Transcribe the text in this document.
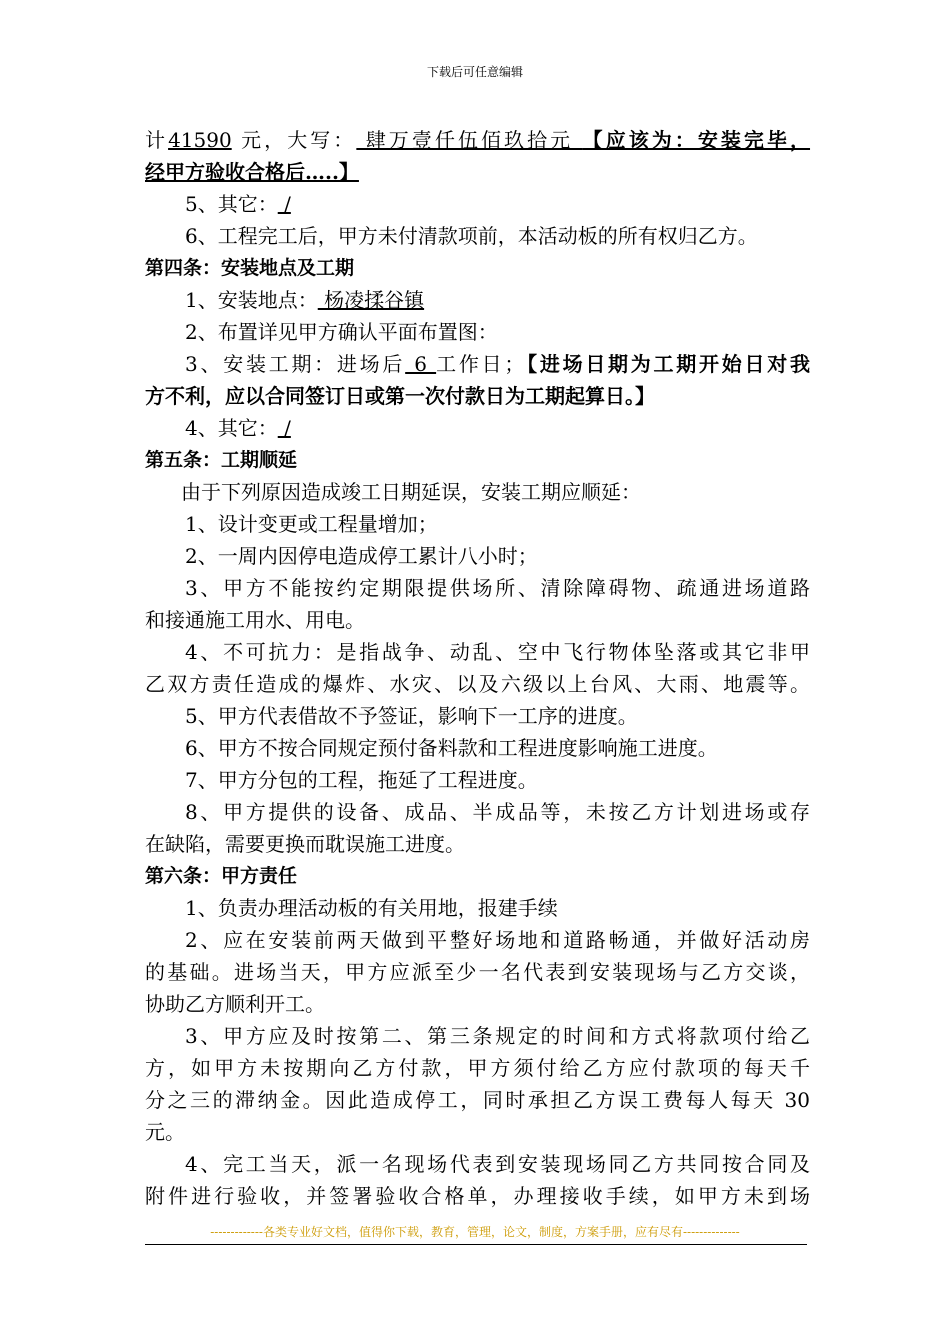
下载后可任意编辑
计41590 元，大写： 肆万壹仟伍佰玖拾元 【应该为：安装完毕，
经甲方验收合格后…..】
5、其它： /
6、工程完工后，甲方未付清款项前，本活动板的所有权归乙方。
第四条：安装地点及工期
1、安装地点： 杨凌揉谷镇
2、布置详见甲方确认平面布置图：
3、安装工期：进场后 6 工作日；【进场日期为工期开始日对我
方不利，应以合同签订日或第一次付款日为工期起算日。】
4、其它： /
第五条：工期顺延
由于下列原因造成竣工日期延误，安装工期应顺延：
1、设计变更或工程量增加；
2、一周内因停电造成停工累计八小时；
3、甲方不能按约定期限提供场所、清除障碍物、疏通进场道路
和接通施工用水、用电。
4、不可抗力：是指战争、动乱、空中飞行物体坠落或其它非甲
乙双方责任造成的爆炸、水灾、以及六级以上台风、大雨、地震等。
5、甲方代表借故不予签证，影响下一工序的进度。
6、甲方不按合同规定预付备料款和工程进度影响施工进度。
7、甲方分包的工程，拖延了工程进度。
8、甲方提供的设备、成品、半成品等，未按乙方计划进场或存
在缺陷，需要更换而耽误施工进度。
第六条：甲方责任
1、负责办理活动板的有关用地，报建手续
2、应在安装前两天做到平整好场地和道路畅通，并做好活动房
的基础。进场当天，甲方应派至少一名代表到安装现场与乙方交谈，
协助乙方顺利开工。
3、甲方应及时按第二、第三条规定的时间和方式将款项付给乙
方，如甲方未按期向乙方付款，甲方须付给乙方应付款项的每天千
分之三的滞纳金。因此造成停工，同时承担乙方误工费每人每天 30
元。
4、完工当天，派一名现场代表到安装现场同乙方共同按合同及
附件进行验收，并签署验收合格单，办理接收手续，如甲方未到场
-------------各类专业好文档，值得你下载，教育，管理，论文，制度，方案手册，应有尽有--------------
